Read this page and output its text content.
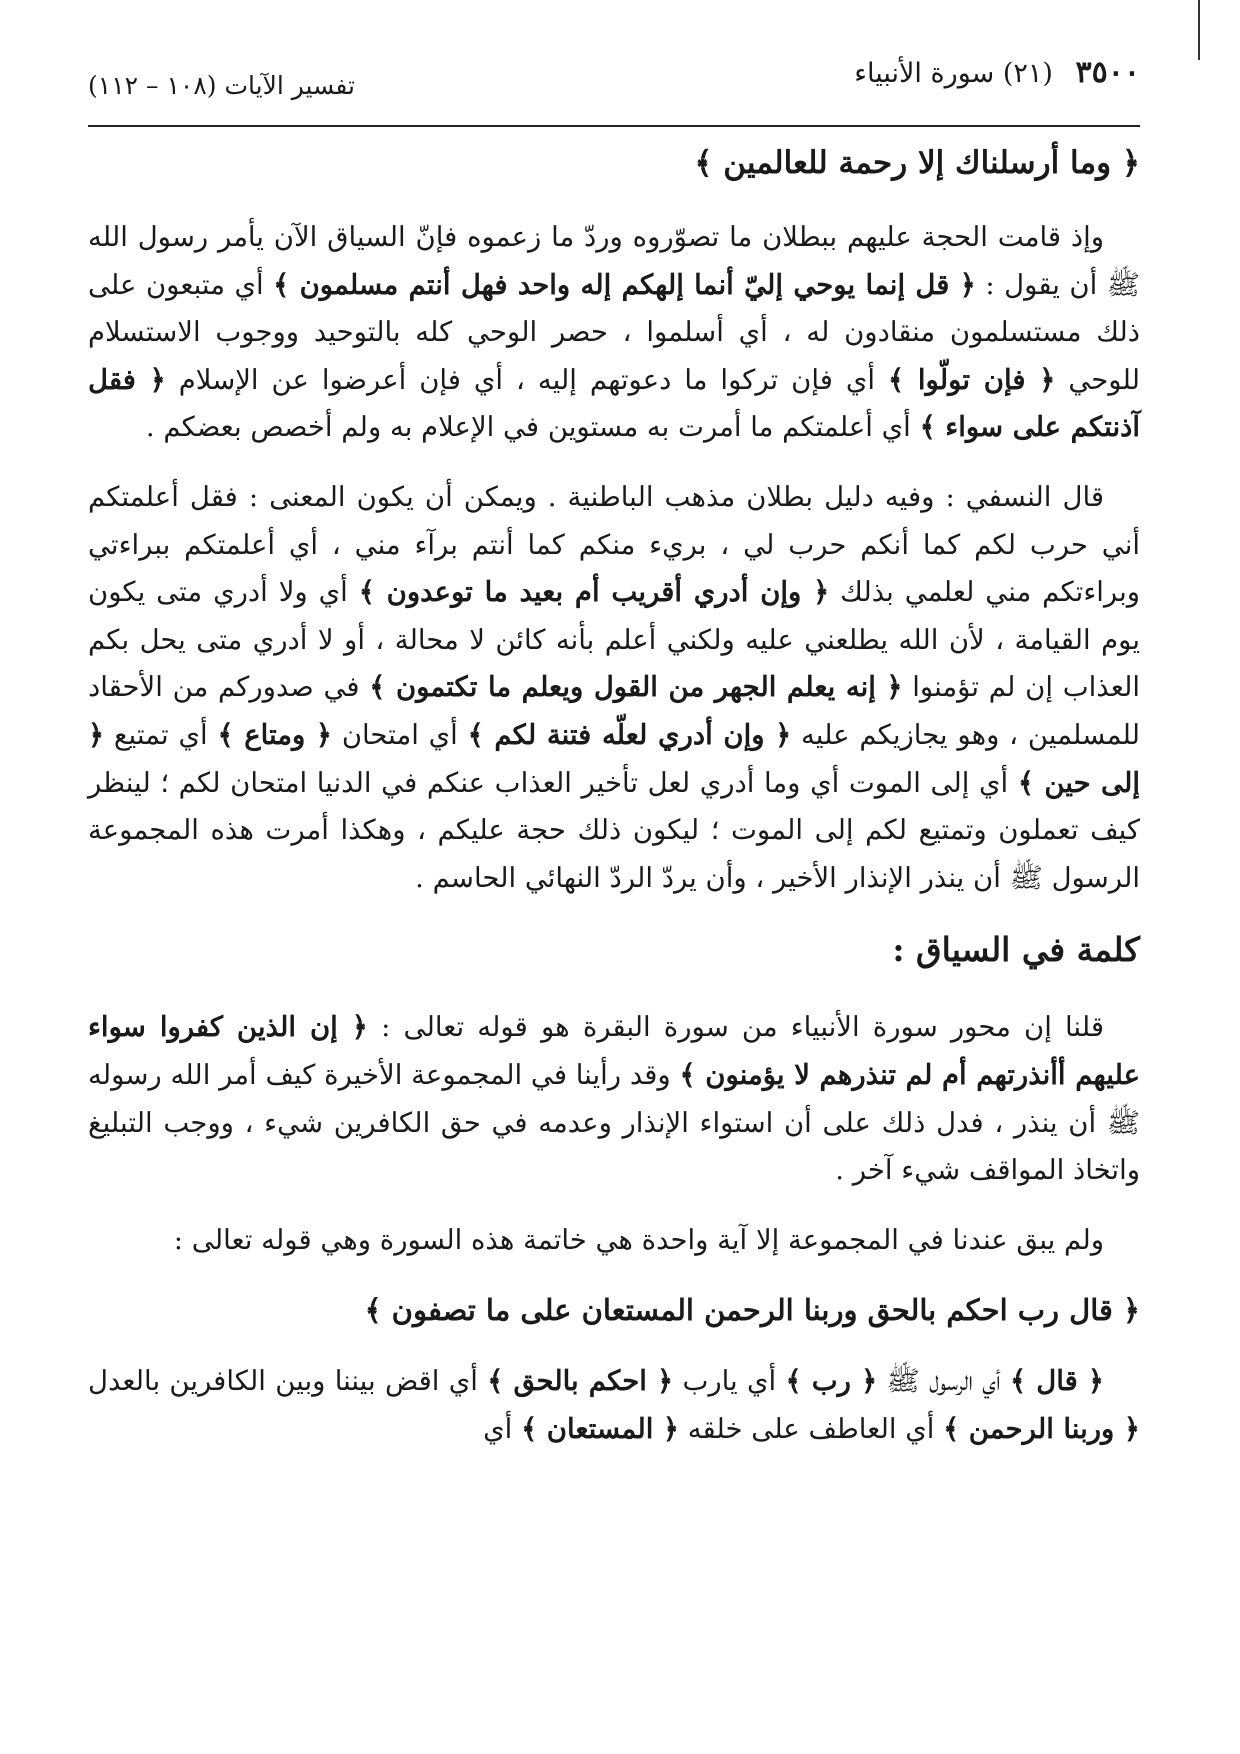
٣٥٠٠ (٢١) سورة الأنبياء
تفسير الآيات (١٠٨ – ١١٢)
﴿ وما أرسلناك إلا رحمة للعالمين ﴾

وإذ قامت الحجة عليهم ببطلان ما تصوّروه وردّ ما زعموه فإنّ السياق الآن يأمر رسول الله ﷺ أن يقول : ﴿ قل إنما يوحي إليّ أنما إلهكم إله واحد فهل أنتم مسلمون ﴾ أي متبعون على ذلك مستسلمون منقادون له ، أي أسلموا ، حصر الوحي كله بالتوحيد ووجوب الاستسلام للوحي ﴿ فإن تولّوا ﴾ أي فإن تركوا ما دعوتهم إليه ، أي فإن أعرضوا عن الإسلام ﴿ فقل آذنتكم على سواء ﴾ أي أعلمتكم ما أمرت به مستوين في الإعلام به ولم أخصص بعضكم .

قال النسفي : وفيه دليل بطلان مذهب الباطنية . ويمكن أن يكون المعنى : فقل أعلمتكم أني حرب لكم كما أنكم حرب لي ، بريء منكم كما أنتم برآء مني ، أي أعلمتكم ببراءتي وبراءتكم مني لعلمي بذلك ﴿ وإن أدري أقريب أم بعيد ما توعدون ﴾ أي ولا أدري متى يكون يوم القيامة ، لأن الله يطلعني عليه ولكني أعلم بأنه كائن لا محالة ، أو لا أدري متى يحل بكم العذاب إن لم تؤمنوا ﴿ إنه يعلم الجهر من القول ويعلم ما تكتمون ﴾ في صدوركم من الأحقاد للمسلمين ، وهو يجازيكم عليه ﴿ وإن أدري لعلّه فتنة لكم ﴾ أي امتحان ﴿ ومتاع ﴾ أي تمتيع ﴿ إلى حين ﴾ أي إلى الموت أي وما أدري لعل تأخير العذاب عنكم في الدنيا امتحان لكم ؛ لينظر كيف تعملون وتمتيع لكم إلى الموت ؛ ليكون ذلك حجة عليكم ، وهكذا أمرت هذه المجموعة الرسول ﷺ أن ينذر الإنذار الأخير ، وأن يردّ الردّ النهائي الحاسم .

كلمة في السياق :

قلنا إن محور سورة الأنبياء من سورة البقرة هو قوله تعالى : ﴿ إن الذين كفروا سواء عليهم أأنذرتهم أم لم تنذرهم لا يؤمنون ﴾ وقد رأينا في المجموعة الأخيرة كيف أمر الله رسوله ﷺ أن ينذر ، فدل ذلك على أن استواء الإنذار وعدمه في حق الكافرين شيء ، ووجب التبليغ واتخاذ المواقف شيء آخر .

ولم يبق عندنا في المجموعة إلا آية واحدة هي خاتمة هذه السورة وهي قوله تعالى :

﴿ قال رب احكم بالحق وربنا الرحمن المستعان على ما تصفون ﴾

﴿ قال ﴾ أي الرسول ﷺ ﴿ رب ﴾ أي يارب ﴿ احكم بالحق ﴾ أي اقض بيننا وبين الكافرين بالعدل ﴿ وربنا الرحمن ﴾ أي العاطف على خلقه ﴿ المستعان ﴾ أي
